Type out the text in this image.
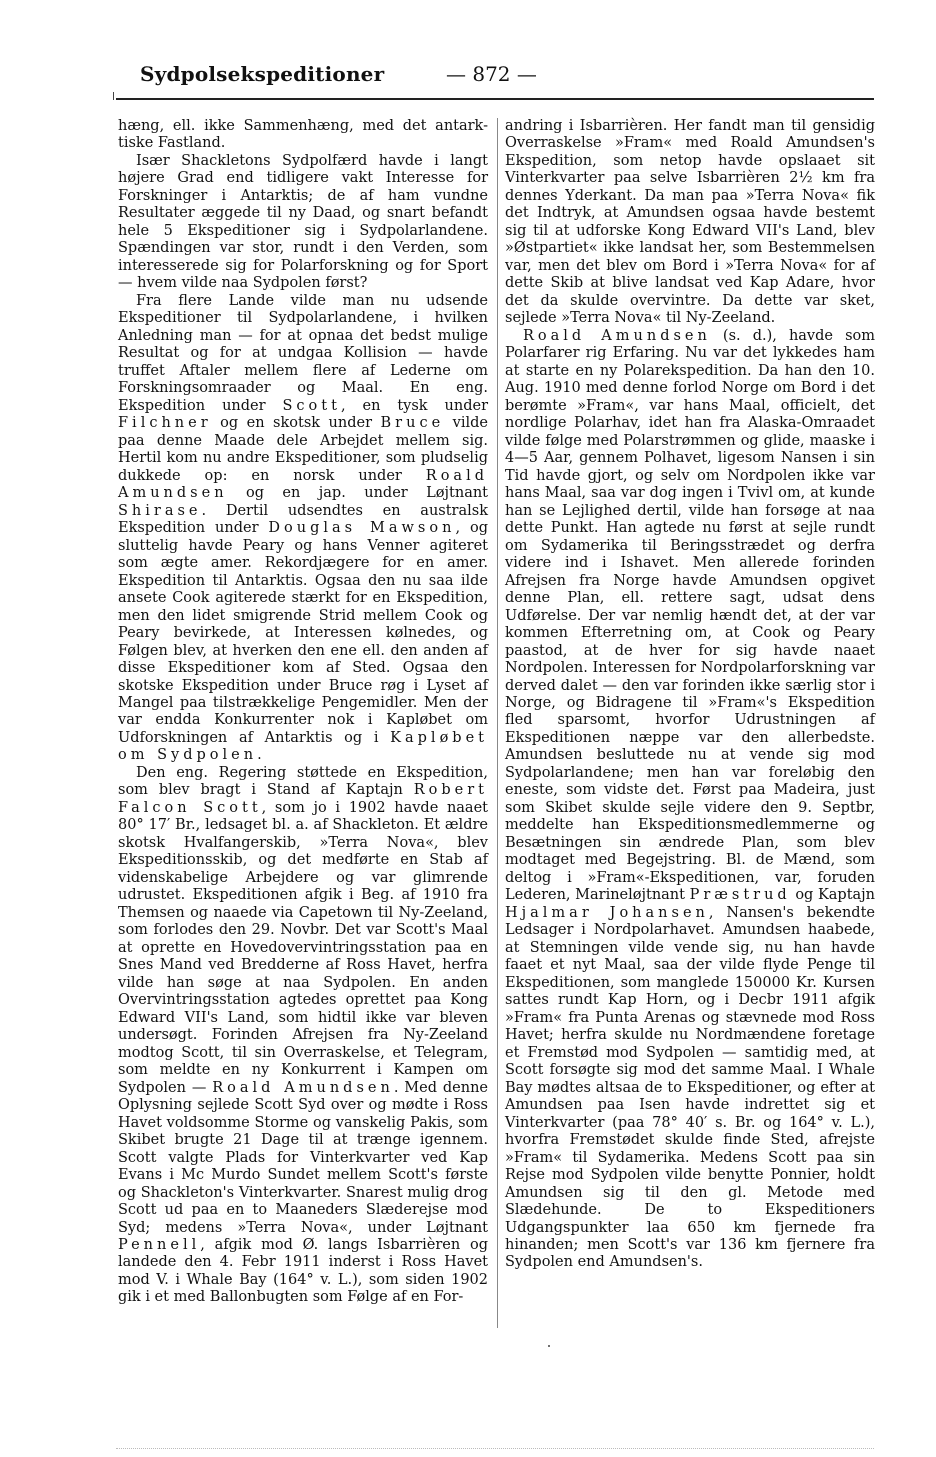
Sydpolsekspeditioner	— 872 —

hæng, ell. ikke Sammenhæng, med det antark- tiske Fastland.

Især Shackletons Sydpolfærd havde i langt højere Grad end tidligere vakt Interesse for Forskninger i Antarktis; de af ham vundne Resultater æggede til ny Daad, og snart befandt hele 5 Ekspeditioner sig i Sydpolarlandene. Spændingen var stor, rundt i den Verden, som interesserede sig for Polarforskning og for Sport — hvem vilde naa Sydpolen først?

Fra flere Lande vilde man nu udsende Ekspeditioner til Sydpolarlandene, i hvilken Anledning man — for at opnaa det bedst mulige Resultat og for at undgaa Kollision — havde truffet Aftaler mellem flere af Lederne om Forskningsomraader og Maal. En eng. Ekspedition under Scott, en tysk under Filchner og en skotsk under Bruce vilde paa denne Maade dele Arbejdet mellem sig. Hertil kom nu andre Ekspeditioner, som pludselig dukkede op: en norsk under Roald Amundsen og en jap. under Løjtnant Shirase. Dertil udsendtes en australsk Ekspedition under Douglas Mawson, og sluttelig havde Peary og hans Venner agiteret som ægte amer. Rekordjægere for en amer. Ekspedition til Antarktis. Ogsaa den nu saa ilde ansete Cook agiterede stærkt for en Ekspedition, men den lidet smigrende Strid mellem Cook og Peary bevirkede, at Interessen kølnedes, og Følgen blev, at hverken den ene ell. den anden af disse Ekspeditioner kom af Sted. Ogsaa den skotske Ekspedition under Bruce røg i Lyset af Mangel paa tilstrækkelige Pengemidler. Men der var endda Konkurrenter nok i Kapløbet om Udforskningen af Antarktis og i Kapløbet om Sydpolen.

Den eng. Regering støttede en Ekspedition, som blev bragt i Stand af Kaptajn Robert Falcon Scott, som jo i 1902 havde naaet 80° 17′ Br., ledsaget bl. a. af Shackleton. Et ældre skotsk Hvalfangerskib, »Terra Nova«, blev Ekspeditionsskib, og det medførte en Stab af videnskabelige Arbejdere og var glimrende udrustet. Ekspeditionen afgik i Beg. af 1910 fra Themsen og naaede via Capetown til Ny-Zeeland, som forlodes den 29. Novbr. Det var Scott's Maal at oprette en Hovedovervintringsstation paa en Snes Mand ved Bredderne af Ross Havet, herfra vilde han søge at naa Sydpolen. En anden Overvintringsstation agtedes oprettet paa Kong Edward VII's Land, som hidtil ikke var bleven undersøgt. Forinden Afrejsen fra Ny-Zeeland modtog Scott, til sin Overraskelse, et Telegram, som meldte en ny Konkurrent i Kampen om Sydpolen — Roald Amundsen. Med denne Oplysning sejlede Scott Syd over og mødte i Ross Havet voldsomme Storme og vanskelig Pakis, som Skibet brugte 21 Dage til at trænge igennem. Scott valgte Plads for Vinterkvarter ved Kap Evans i Mc Murdo Sundet mellem Scott's første og Shackleton's Vinterkvarter. Snarest mulig drog Scott ud paa en to Maaneders Slæderejse mod Syd; medens »Terra Nova«, under Løjtnant Pennell, afgik mod Ø. langs Isbarrièren og landede den 4. Febr 1911 inderst i Ross Havet mod V. i Whale Bay (164° v. L.), som siden 1902 gik i et med Ballonbugten som Følge af en For-

andring i Isbarrièren. Her fandt man til gensidig Overraskelse »Fram« med Roald Amundsen's Ekspedition, som netop havde opslaaet sit Vinterkvarter paa selve Isbarrièren 2½ km fra dennes Yderkant. Da man paa »Terra Nova« fik det Indtryk, at Amundsen ogsaa havde bestemt sig til at udforske Kong Edward VII's Land, blev »Østpartiet« ikke landsat her, som Bestemmelsen var, men det blev om Bord i »Terra Nova« for af dette Skib at blive landsat ved Kap Adare, hvor det da skulde overvintre. Da dette var sket, sejlede »Terra Nova« til Ny-Zeeland.

Roald Amundsen (s. d.), havde som Polarfarer rig Erfaring. Nu var det lykkedes ham at starte en ny Polarekspedition. Da han den 10. Aug. 1910 med denne forlod Norge om Bord i det berømte »Fram«, var hans Maal, officielt, det nordlige Polarhav, idet han fra Alaska-Omraadet vilde følge med Polarstrømmen og glide, maaske i 4—5 Aar, gennem Polhavet, ligesom Nansen i sin Tid havde gjort, og selv om Nordpolen ikke var hans Maal, saa var dog ingen i Tvivl om, at kunde han se Lejlighed dertil, vilde han forsøge at naa dette Punkt. Han agtede nu først at sejle rundt om Sydamerika til Beringsstrædet og derfra videre ind i Ishavet. Men allerede forinden Afrejsen fra Norge havde Amundsen opgivet denne Plan, ell. rettere sagt, udsat dens Udførelse. Der var nemlig hændt det, at der var kommen Efterretning om, at Cook og Peary paastod, at de hver for sig havde naaet Nordpolen. Interessen for Nordpolarforskning var derved dalet — den var forinden ikke særlig stor i Norge, og Bidragene til »Fram«'s Ekspedition fled sparsomt, hvorfor Udrustningen af Ekspeditionen næppe var den allerbedste. Amundsen besluttede nu at vende sig mod Sydpolarlandene; men han var foreløbig den eneste, som vidste det. Først paa Madeira, just som Skibet skulde sejle videre den 9. Septbr, meddelte han Ekspeditionsmedlemmerne og Besætningen sin ændrede Plan, som blev modtaget med Begejstring. Bl. de Mænd, som deltog i »Fram«-Ekspeditionen, var, foruden Lederen, Marineløjtnant Præstrud og Kaptajn Hjalmar Johansen, Nansen's bekendte Ledsager i Nordpolarhavet. Amundsen haabede, at Stemningen vilde vende sig, nu han havde faaet et nyt Maal, saa der vilde flyde Penge til Ekspeditionen, som manglede 150000 Kr. Kursen sattes rundt Kap Horn, og i Decbr 1911 afgik »Fram« fra Punta Arenas og stævnede mod Ross Havet; herfra skulde nu Nordmændene foretage et Fremstød mod Sydpolen — samtidig med, at Scott forsøgte sig mod det samme Maal. I Whale Bay mødtes altsaa de to Ekspeditioner, og efter at Amundsen paa Isen havde indrettet sig et Vinterkvarter (paa 78° 40′ s. Br. og 164° v. L.), hvorfra Fremstødet skulde finde Sted, afrejste »Fram« til Sydamerika. Medens Scott paa sin Rejse mod Sydpolen vilde benytte Ponnier, holdt Amundsen sig til den gl. Metode med Slædehunde. De to Ekspeditioners Udgangspunkter laa 650 km fjernede fra hinanden; men Scott's var 136 km fjernere fra Sydpolen end Amundsen's.
